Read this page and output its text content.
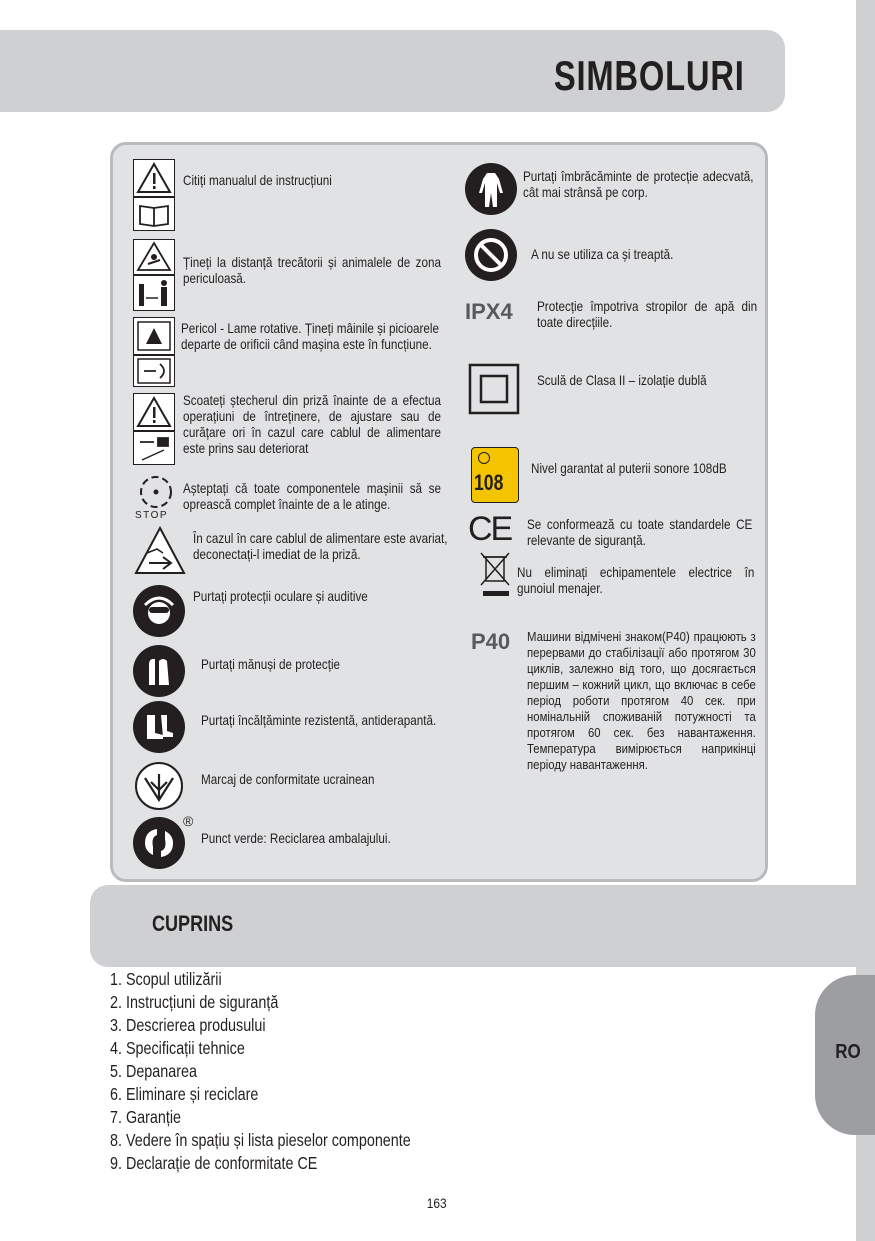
SIMBOLURI
Citiți manualul de instrucțiuni
Țineți la distanță trecătorii și animalele de zona periculoasă.
Pericol - Lame rotative. Țineți mâinile și picioarele departe de orificii când mașina este în funcțiune.
Scoateți ștecherul din priză înainte de a efectua operațiuni de întreținere, de ajustare sau de curățare ori în cazul care cablul de alimentare este prins sau deteriorat
STOP
Așteptați că toate componentele mașinii să se oprească complet înainte de a le atinge.
În cazul în care cablul de alimentare este avariat, deconectați-l imediat de la priză.
Purtați protecții oculare și auditive
Purtați mănuși de protecție
Purtați încălțăminte rezistentă, antiderapantă.
Marcaj de conformitate ucrainean
®
Punct verde: Reciclarea ambalajului.
Purtați îmbrăcăminte de protecție adecvată, cât mai strânsă pe corp.
A nu se utiliza ca și treaptă.
IPX4 Protecție împotriva stropilor de apă din toate direcțiile.
Sculă de Clasa II – izolație dublă
108
Nivel garantat al puterii sonore 108dB
CE Se conformează cu toate standardele CE relevante de siguranță.
Nu eliminați echipamentele electrice în gunoiul menajer.
P40 Машини відмічені знаком(P40) працюють з перервами до стабілізації або протягом 30 циклів, залежно від того, що досягається першим – кожний цикл, що включає в себе період роботи протягом 40 сек. при номінальній споживаній потужності та протягом 60 сек. без навантаження. Температура вимірюється наприкінці періоду навантаження.
CUPRINS
1. Scopul utilizării
2. Instrucțiuni de siguranță
3. Descrierea produsului
4. Specificații tehnice
5. Depanarea
6. Eliminare și reciclare
7. Garanție
8. Vedere în spațiu și lista pieselor componente
9. Declarație de conformitate CE
RO
163
